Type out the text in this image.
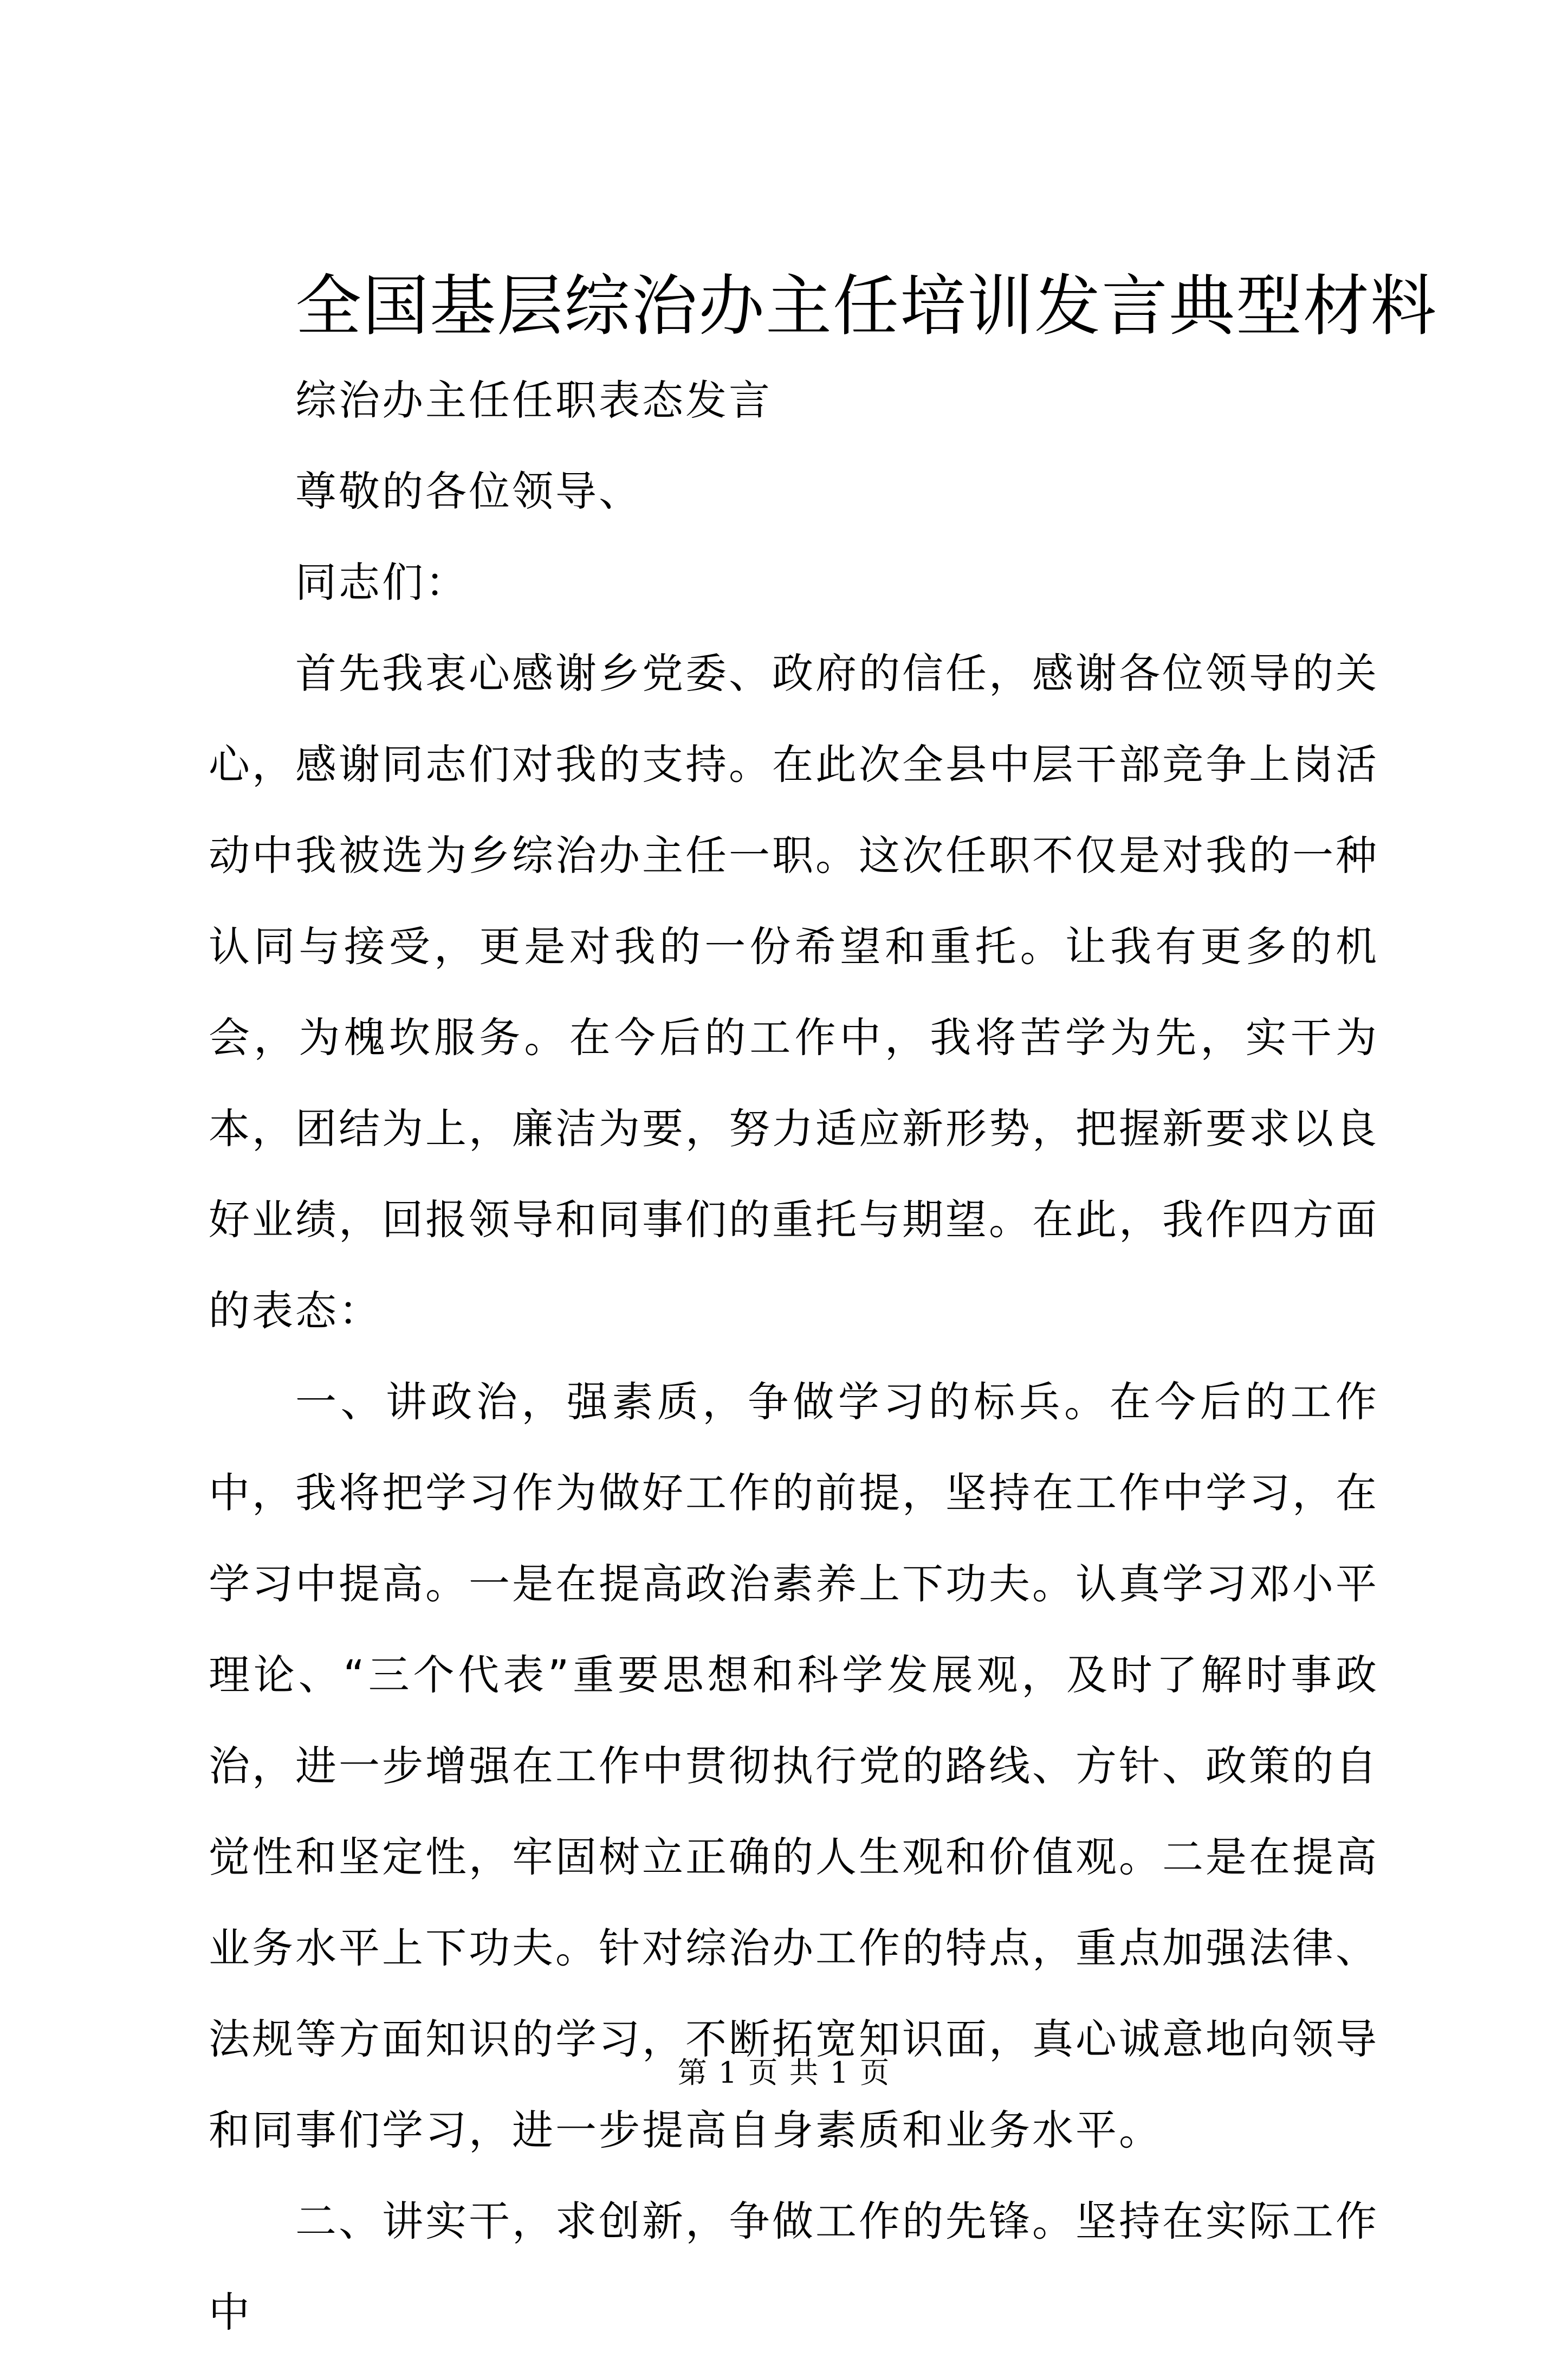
全国基层综治办主任培训发言典型材料

综治办主任任职表态发言

尊敬的各位领导、

同志们：

首先我衷心感谢乡党委、政府的信任，感谢各位领导的关心，感谢同志们对我的支持。在此次全县中层干部竞争上岗活动中我被选为乡综治办主任一职。这次任职不仅是对我的一种认同与接受，更是对我的一份希望和重托。让我有更多的机会，为槐坎服务。在今后的工作中，我将苦学为先，实干为本，团结为上，廉洁为要，努力适应新形势，把握新要求以良好业绩，回报领导和同事们的重托与期望。在此，我作四方面的表态：

一、讲政治，强素质，争做学习的标兵。在今后的工作中，我将把学习作为做好工作的前提，坚持在工作中学习，在学习中提高。一是在提高政治素养上下功夫。认真学习邓小平理论、“三个代表”重要思想和科学发展观，及时了解时事政治，进一步增强在工作中贯彻执行党的路线、方针、政策的自觉性和坚定性，牢固树立正确的人生观和价值观。二是在提高业务水平上下功夫。针对综治办工作的特点，重点加强法律、法规等方面知识的学习，不断拓宽知识面，真心诚意地向领导和同事们学习，进一步提高自身素质和业务水平。

二、讲实干，求创新，争做工作的先锋。坚持在实际工作中

第 1 页 共 1 页
